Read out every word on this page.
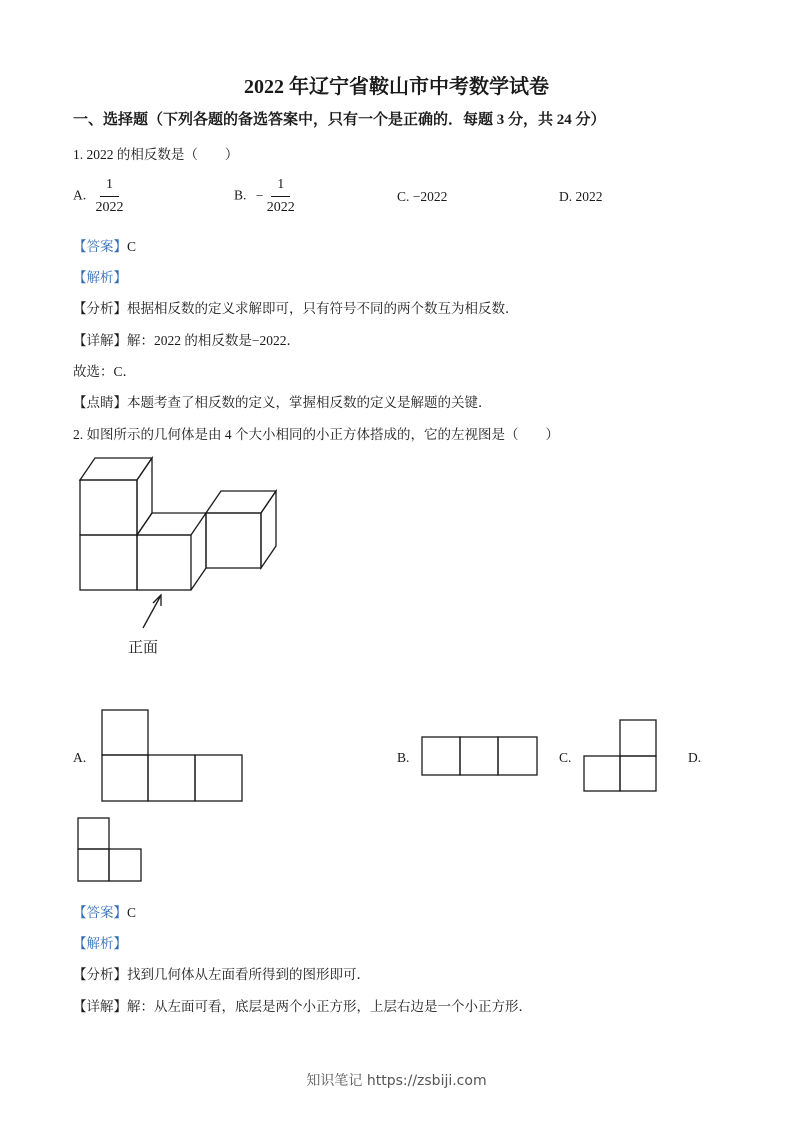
2022 年辽宁省鞍山市中考数学试卷
一、选择题（下列各题的备选答案中，只有一个是正确的．每题 3 分，共 24 分）
1. 2022 的相反数是（　　）
A. $\frac{1}{2022}$	B. − $\frac{1}{2022}$	C. −2022	D. 2022
【答案】C
【解析】
【分析】根据相反数的定义求解即可，只有符号不同的两个数互为相反数．
【详解】解：2022 的相反数是−2022．
故选：C．
【点睛】本题考查了相反数的定义，掌握相反数的定义是解题的关键．
2. 如图所示的几何体是由 4 个大小相同的小正方体搭成的，它的左视图是（　　）
正面
A.	B.	C.	D.
【答案】C
【解析】
【分析】找到几何体从左面看所得到的图形即可．
【详解】解：从左面可看，底层是两个小正方形，上层右边是一个小正方形．
知识笔记 https://zsbiji.com
